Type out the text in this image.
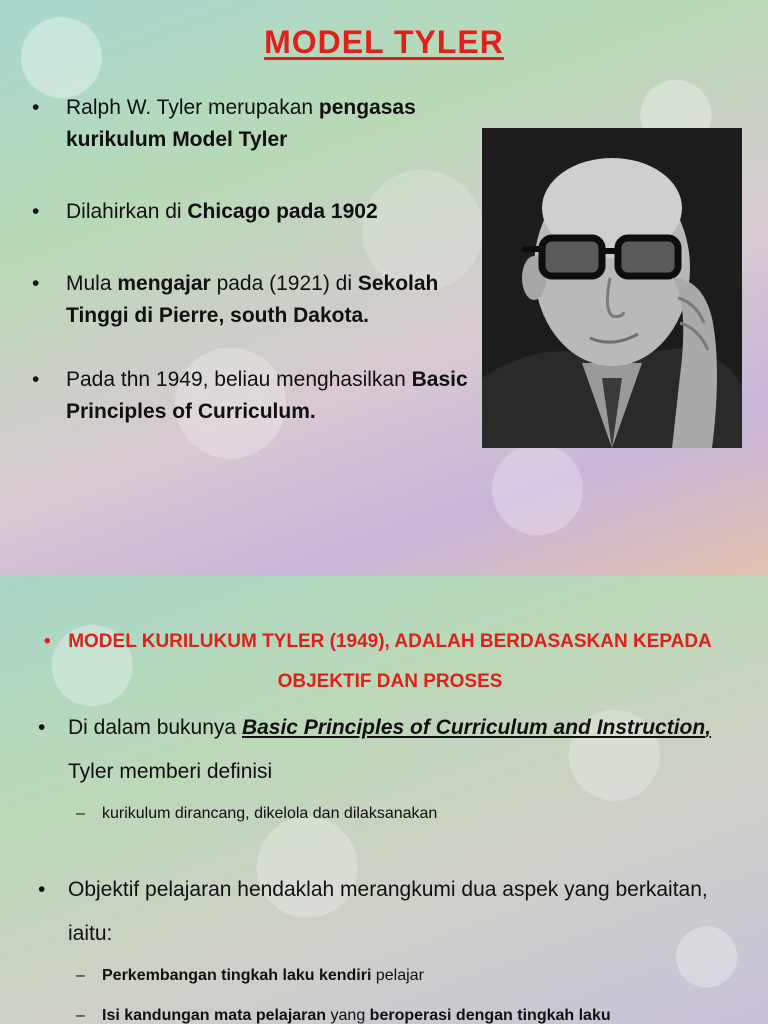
MODEL TYLER
• Ralph W. Tyler merupakan pengasas kurikulum Model Tyler
• Dilahirkan di Chicago pada 1902
• Mula mengajar pada (1921) di Sekolah Tinggi di Pierre, south Dakota.
• Pada thn 1949, beliau menghasilkan Basic Principles of Curriculum.
• MODEL KURILUKUM TYLER (1949), ADALAH BERDASASKAN KEPADA OBJEKTIF DAN PROSES
• Di dalam bukunya Basic Principles of Curriculum and Instruction, Tyler memberi definisi
– kurikulum dirancang, dikelola dan dilaksanakan
• Objektif pelajaran hendaklah merangkumi dua aspek yang berkaitan, iaitu:
– Perkembangan tingkah laku kendiri pelajar
– Isi kandungan mata pelajaran yang beroperasi dengan tingkah laku
